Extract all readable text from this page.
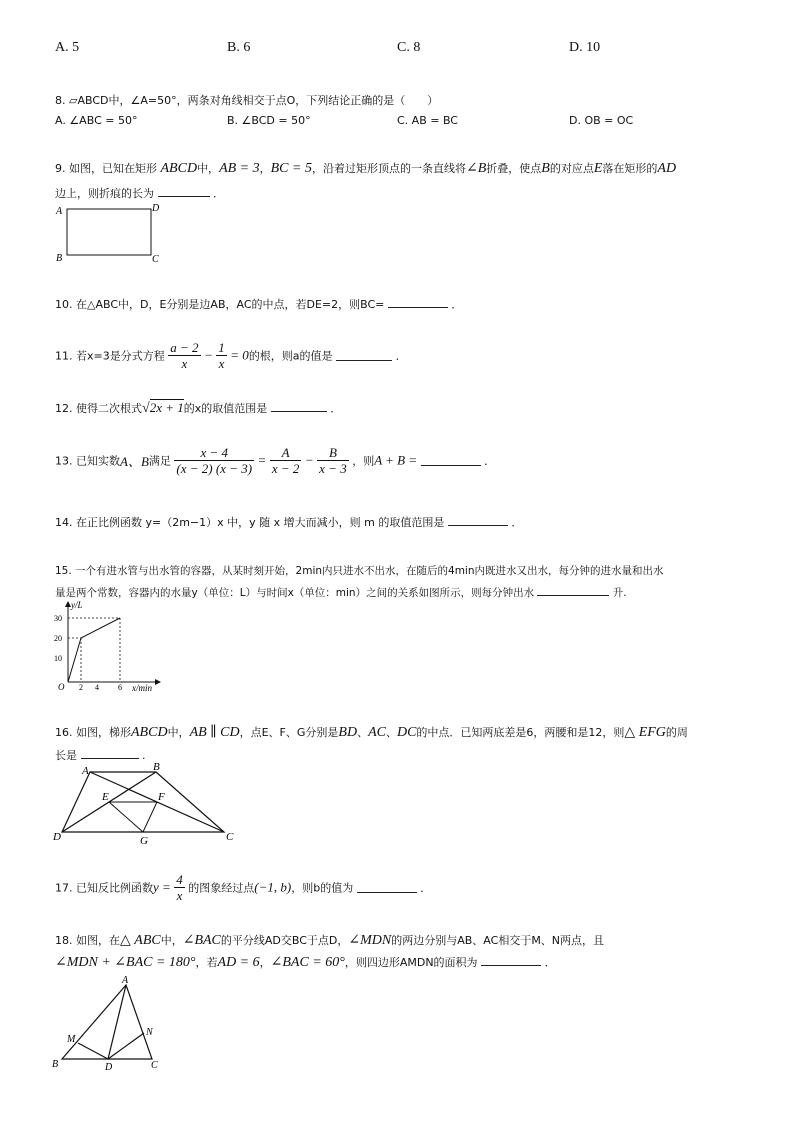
A. 5	B. 6	C. 8	D. 10
8. ▱ABCD中，∠A=50°，两条对角线相交于点O，下列结论正确的是（　　）
A. ∠ABC = 50°	B. ∠BCD = 50°	C. AB = BC	D. OB = OC
9. 如图，已知在矩形 ABCD中，AB = 3，BC = 5，沿着过矩形顶点的一条直线将∠B折叠，使点B的对应点E落在矩形的AD
边上，则折痕的长为	．
A	D
B	C
10. 在△ABC中，D，E分别是边AB，AC的中点，若DE=2，则BC=	．
11. 若x=3是分式方程 $\frac{a - 2}{x} - \frac{1}{x} = 0$的根，则a的值是	．
12. 使得二次根式√2x + 1的x的取值范围是	．
13. 已知实数A、B满足 $\frac{x - 4}{(x - 2) (x - 3)} = \frac{A}{x - 2} - \frac{B}{x - 3}$ ，则A + B =	．
14. 在正比例函数 y=（2m−1）x 中，y 随 x 增大而减小，则 m 的取值范围是	．
15. 一个有进水管与出水管的容器，从某时刻开始，2min内只进水不出水，在随后的4min内既进水又出水，每分钟的进水量和出水
量是两个常数，容器内的水量y（单位：L）与时间x（单位：min）之间的关系如图所示，则每分钟出水	升.
y/L
x/min
O
30
20
10
2 4 6
16. 如图，梯形ABCD中，AB ∥ CD，点E、F、G分别是BD、AC、DC的中点．已知两底差是6，两腰和是12，则△ EFG的周
长是	.
A	B
C
D
E	F
G
17. 已知反比例函数$y = \frac{4}{x}$ 的图象经过点(−1, b)，则b的值为	．
18. 如图，在△ ABC中，∠BAC的平分线AD交BC于点D，∠MDN的两边分别与AB、AC相交于M、N两点，且
∠MDN + ∠BAC = 180°，若AD = 6，∠BAC = 60°，则四边形AMDN的面积为	．
A
M
N
B	D	C
